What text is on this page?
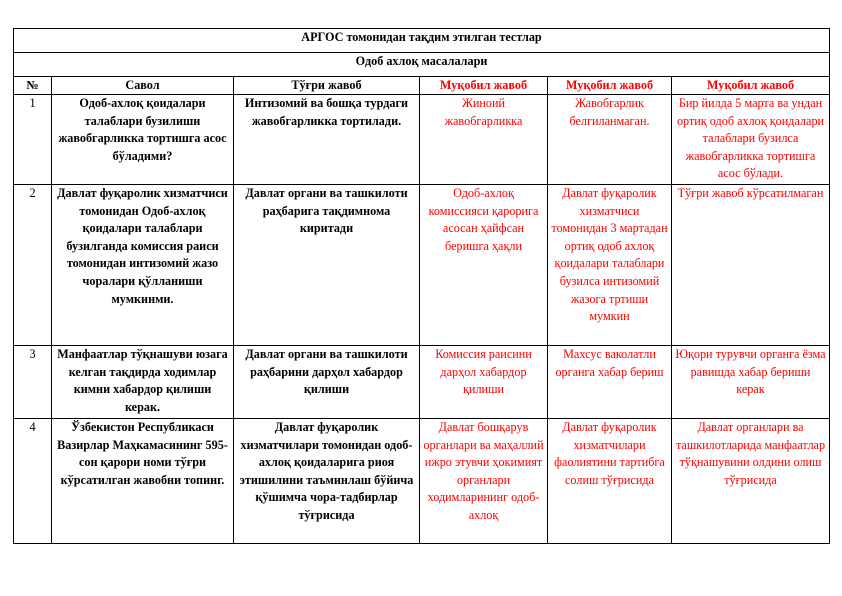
АРГОС томонидан тақдим этилган тестлар					
Одоб ахлоқ масалалари					
№	Савол	Тўғри жавоб	Муқобил жавоб	Муқобил жавоб	Муқобил жавоб
1	Одоб-ахлоқ қоидалари талаблари бузилиши жавобгарликка тортишга асос бўладими?	Интизомий ва бошқа турдаги жавобгарликка тортилади.	Жиноий жавобгарликка	Жавобгарлик белгиланмаган.	Бир йилда 5 марта ва ундан ортиқ одоб ахлоқ қоидалари талаблари бузилса жавобгарликка тортишга асос бўлади.
2	Давлат фуқаролик хизматчиси томонидан Одоб-ахлоқ қоидалари талаблари бузилганда комиссия раиси томонидан интизомий жазо чоралари қўлланиши мумкинми.	Давлат органи ва ташкилоти раҳбарига тақдимнома киритади	Одоб-ахлоқ комиссияси қарорига асосан ҳайфсан беришга ҳақли	Давлат фуқаролик хизматчиси томонидан 3 мартадан ортиқ одоб ахлоқ қоидалари талаблари бузилса интизомий жазога тртиши мумкин	Тўғри жавоб кўрсатилмаган
3	Манфаатлар тўқнашуви юзага келган тақдирда ходимлар кимни хабардор қилиши керак.	Давлат органи ва ташкилоти раҳбарини дарҳол хабардор қилиши	Комиссия раисини дарҳол хабардор қилиши	Махсус ваколатли органга хабар бериш	Юқори турувчи органга ёзма равишда хабар бериши керак
4	Ўзбекистон Республикаси Вазирлар Маҳкамасининг 595-сон қарори номи тўғри кўрсатилган жавобни топинг.	Давлат фуқаролик хизматчилари томонидан одоб-ахлоқ қоидаларига риоя этишилини таъминлаш бўйича қўшимча чора-тадбирлар тўғрисида	Давлат бошқарув органлари ва маҳаллий ижро этувчи ҳокимият органлари ходимларининг одоб-ахлоқ	Давлат фуқаролик хизматчилари фаолиятини тартибга солиш тўғрисида	Давлат органлари ва ташкилотларида манфаатлар тўқнашувини олдини олиш тўғрисида
